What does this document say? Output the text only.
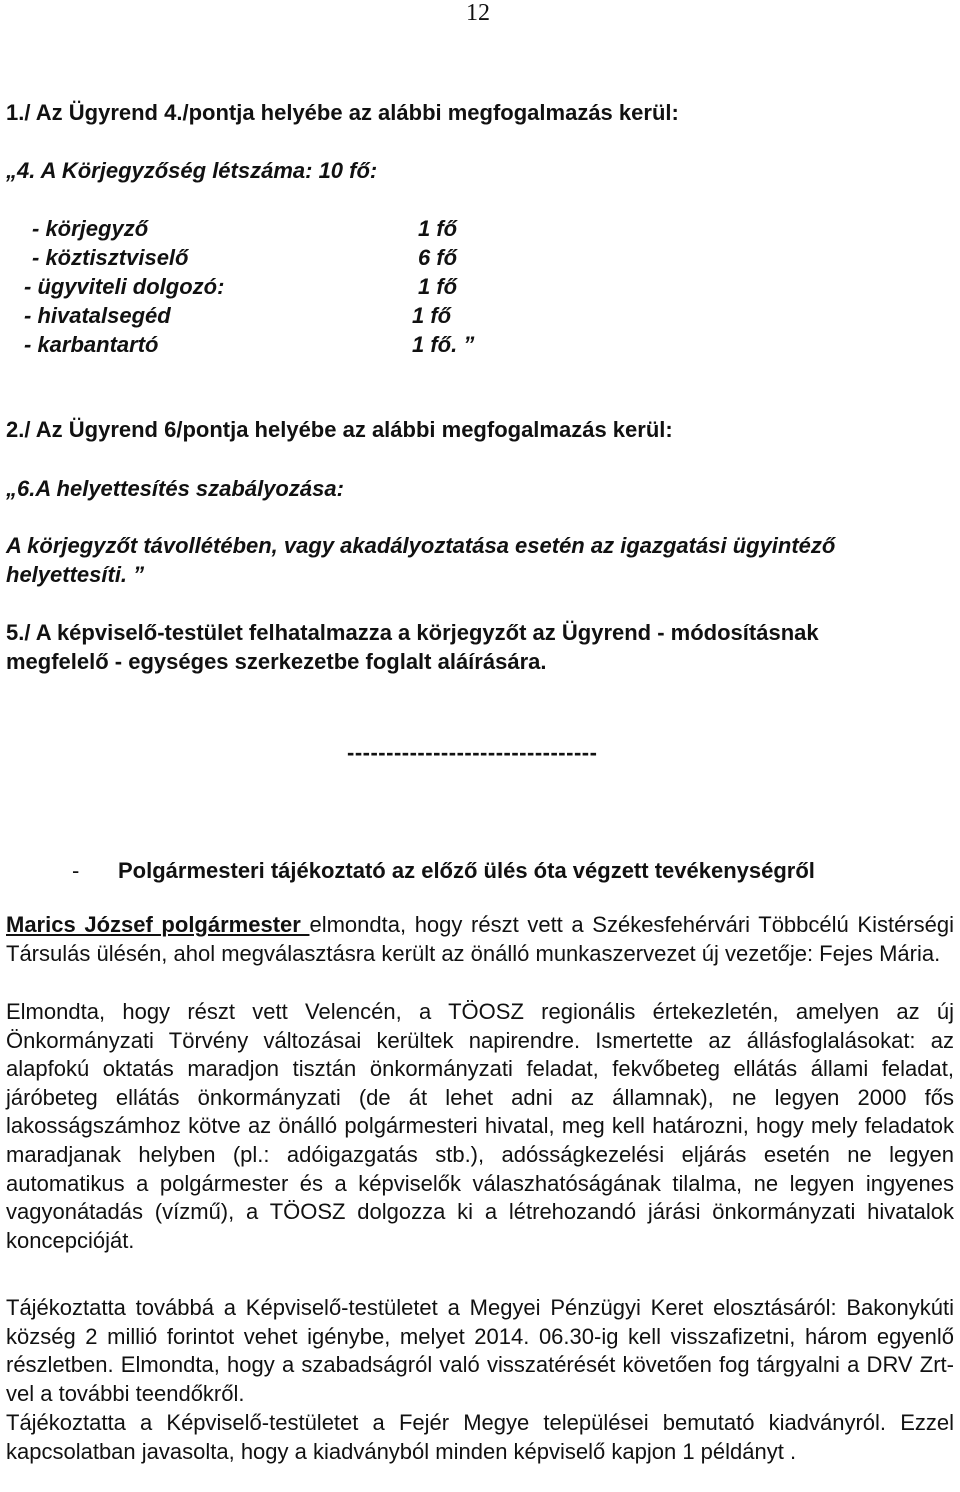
12
1./ Az Ügyrend 4./pontja helyébe az alábbi megfogalmazás kerül:
„4. A Körjegyzőség létszáma: 10 fő:
- körjegyző	1 fő
- köztisztviselő	6 fő
- ügyviteli dolgozó:	1 fő
- hivatalsegéd	1 fő
- karbantartó	1 fő. ”
2./ Az Ügyrend 6/pontja helyébe az alábbi megfogalmazás kerül:
„6.A helyettesítés szabályozása:
A körjegyzőt távollétében, vagy akadályoztatása esetén az igazgatási ügyintéző
helyettesíti. ”
5./ A képviselő-testület felhatalmazza a körjegyzőt az Ügyrend - módosításnak
megfelelő - egységes szerkezetbe foglalt aláírására.
--------------------------------
- Polgármesteri tájékoztató az előző ülés óta végzett tevékenységről
Marics József polgármester elmondta, hogy részt vett a Székesfehérvári Többcélú Kistérségi Társulás ülésén, ahol megválasztásra került az önálló munkaszervezet új vezetője: Fejes Mária.
Elmondta, hogy részt vett Velencén, a TÖOSZ regionális értekezletén, amelyen az új Önkormányzati Törvény változásai kerültek napirendre. Ismertette az állásfoglalásokat: az alapfokú oktatás maradjon tisztán önkormányzati feladat, fekvőbeteg ellátás állami feladat, járóbeteg ellátás önkormányzati (de át lehet adni az államnak), ne legyen 2000 fős lakosságszámhoz kötve az önálló polgármesteri hivatal, meg kell határozni, hogy mely feladatok maradjanak helyben (pl.: adóigazgatás stb.), adósságkezelési eljárás esetén ne legyen automatikus a polgármester és a képviselők válaszhatóságának tilalma, ne legyen ingyenes vagyonátadás (vízmű), a TÖOSZ dolgozza ki a létrehozandó járási önkormányzati hivatalok koncepcióját.
Tájékoztatta továbbá a Képviselő-testületet a Megyei Pénzügyi Keret elosztásáról: Bakonykúti község 2 millió forintot vehet igénybe, melyet 2014. 06.30-ig kell visszafizetni, három egyenlő részletben. Elmondta, hogy a szabadságról való visszatérését követően fog tárgyalni a DRV Zrt-vel a további teendőkről.
Tájékoztatta a Képviselő-testületet a Fejér Megye települései bemutató kiadványról. Ezzel kapcsolatban javasolta, hogy a kiadványból minden képviselő kapjon 1 példányt .
